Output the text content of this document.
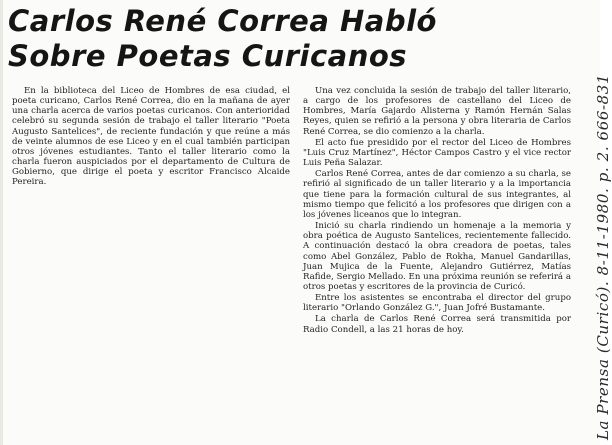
Carlos René Correa Habló
Sobre Poetas Curicanos

En la biblioteca del Liceo de Hombres de esa ciudad, el poeta curicano, Carlos René Correa, dio en la mañana de ayer una charla acerca de varios poetas curicanos. Con anterioridad celebró su segunda sesión de trabajo el taller literario "Poeta Augusto Santelices", de reciente fundación y que reúne a más de veinte alumnos de ese Liceo y en el cual también participan otros jóvenes estudiantes. Tanto el taller literario como la charla fueron auspiciados por el departamento de Cultura de Gobierno, que dirige el poeta y escritor Francisco Alcaide Pereira.

Una vez concluida la sesión de trabajo del taller literario, a cargo de los profesores de castellano del Liceo de Hombres, María Gajardo Alisterna y Ramón Hernán Salas Reyes, quien se refirió a la persona y obra literaria de Carlos René Correa, se dio comienzo a la charla.

El acto fue presidido por el rector del Liceo de Hombres "Luis Cruz Martínez", Héctor Campos Castro y el vice rector Luis Peña Salazar.

Carlos René Correa, antes de dar comienzo a su charla, se refirió al significado de un taller literario y a la importancia que tiene para la formación cultural de sus integrantes, al mismo tiempo que felicitó a los profesores que dirigen con a los jóvenes liceanos que lo integran.

Inició su charla rindiendo un homenaje a la memoria y obra poética de Augusto Santelices, recientemente fallecido. A continuación destacó la obra creadora de poetas, tales como Abel González, Pablo de Rokha, Manuel Gandarillas, Juan Mujica de la Fuente, Alejandro Gutiérrez, Matías Rafide, Sergio Mellado. En una próxima reunión se referirá a otros poetas y escritores de la provincia de Curicó.

Entre los asistentes se encontraba el director del grupo literario "Orlando González G.", Juan Jofré Bustamante.

La charla de Carlos René Correa será transmitida por Radio Condell, a las 21 horas de hoy.	La Prensa (Curicó). 8-11-1980. p. 2. 666-831
